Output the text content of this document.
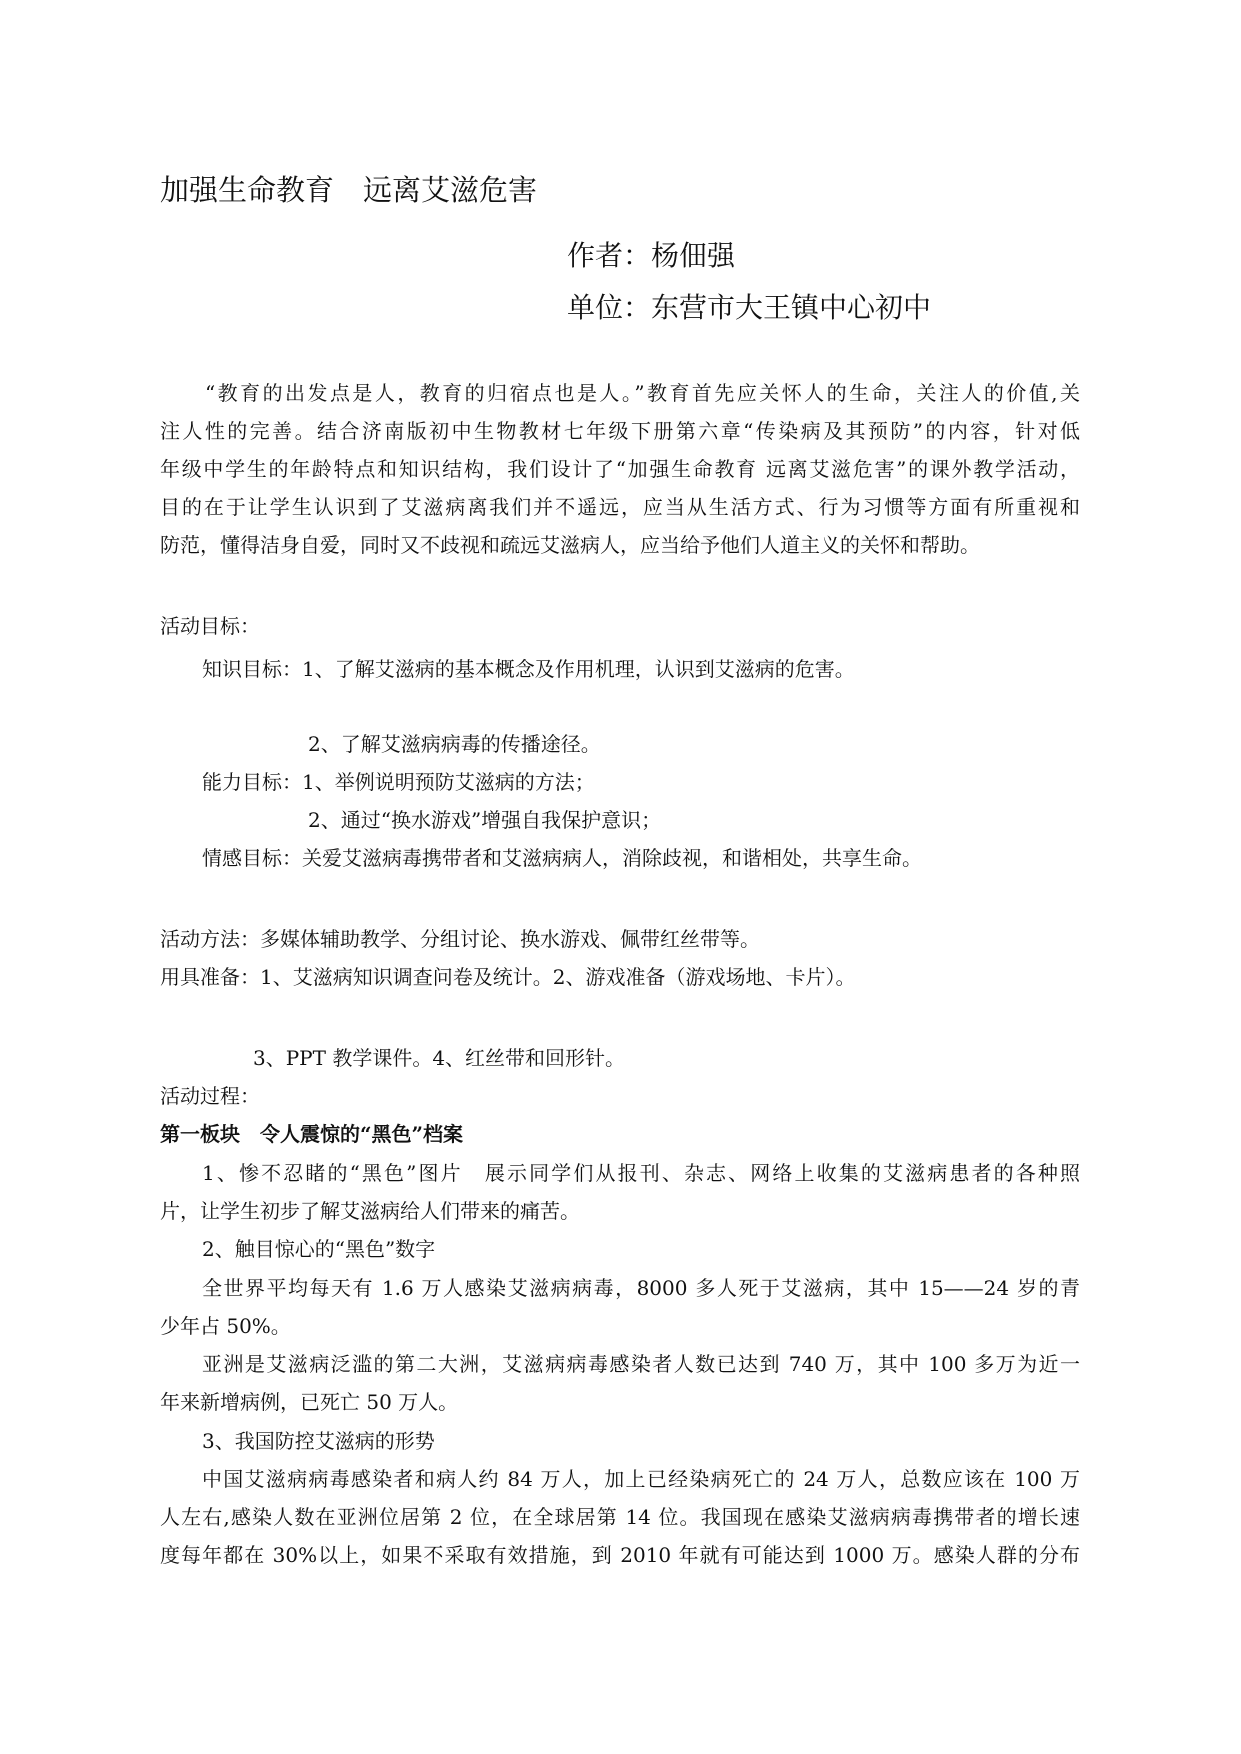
加强生命教育　远离艾滋危害
作者：杨佃强
单位：东营市大王镇中心初中
“教育的出发点是人，教育的归宿点也是人。”教育首先应关怀人的生命，关注人的价值,关
注人性的完善。结合济南版初中生物教材七年级下册第六章“传染病及其预防”的内容，针对低
年级中学生的年龄特点和知识结构，我们设计了“加强生命教育 远离艾滋危害”的课外教学活动，
目的在于让学生认识到了艾滋病离我们并不遥远，应当从生活方式、行为习惯等方面有所重视和
防范，懂得洁身自爱，同时又不歧视和疏远艾滋病人，应当给予他们人道主义的关怀和帮助。
活动目标：
知识目标：1、了解艾滋病的基本概念及作用机理，认识到艾滋病的危害。
2、了解艾滋病病毒的传播途径。
能力目标：1、举例说明预防艾滋病的方法；
2、通过“换水游戏”增强自我保护意识；
情感目标：关爱艾滋病毒携带者和艾滋病病人，消除歧视，和谐相处，共享生命。
活动方法：多媒体辅助教学、分组讨论、换水游戏、佩带红丝带等。
用具准备：1、艾滋病知识调查问卷及统计。2、游戏准备（游戏场地、卡片）。
3、PPT 教学课件。4、红丝带和回形针。
活动过程：
第一板块　令人震惊的“黑色”档案
1、惨不忍睹的“黑色”图片　展示同学们从报刊、杂志、网络上收集的艾滋病患者的各种照
片，让学生初步了解艾滋病给人们带来的痛苦。
2、触目惊心的“黑色”数字
全世界平均每天有 1.6 万人感染艾滋病病毒，8000 多人死于艾滋病，其中 15——24 岁的青
少年占 50%。
亚洲是艾滋病泛滥的第二大洲，艾滋病病毒感染者人数已达到 740 万，其中 100 多万为近一
年来新增病例，已死亡 50 万人。
3、我国防控艾滋病的形势
中国艾滋病病毒感染者和病人约 84 万人，加上已经染病死亡的 24 万人，总数应该在 100 万
人左右,感染人数在亚洲位居第 2 位，在全球居第 14 位。我国现在感染艾滋病病毒携带者的增长速
度每年都在 30%以上，如果不采取有效措施，到 2010 年就有可能达到 1000 万。感染人群的分布
